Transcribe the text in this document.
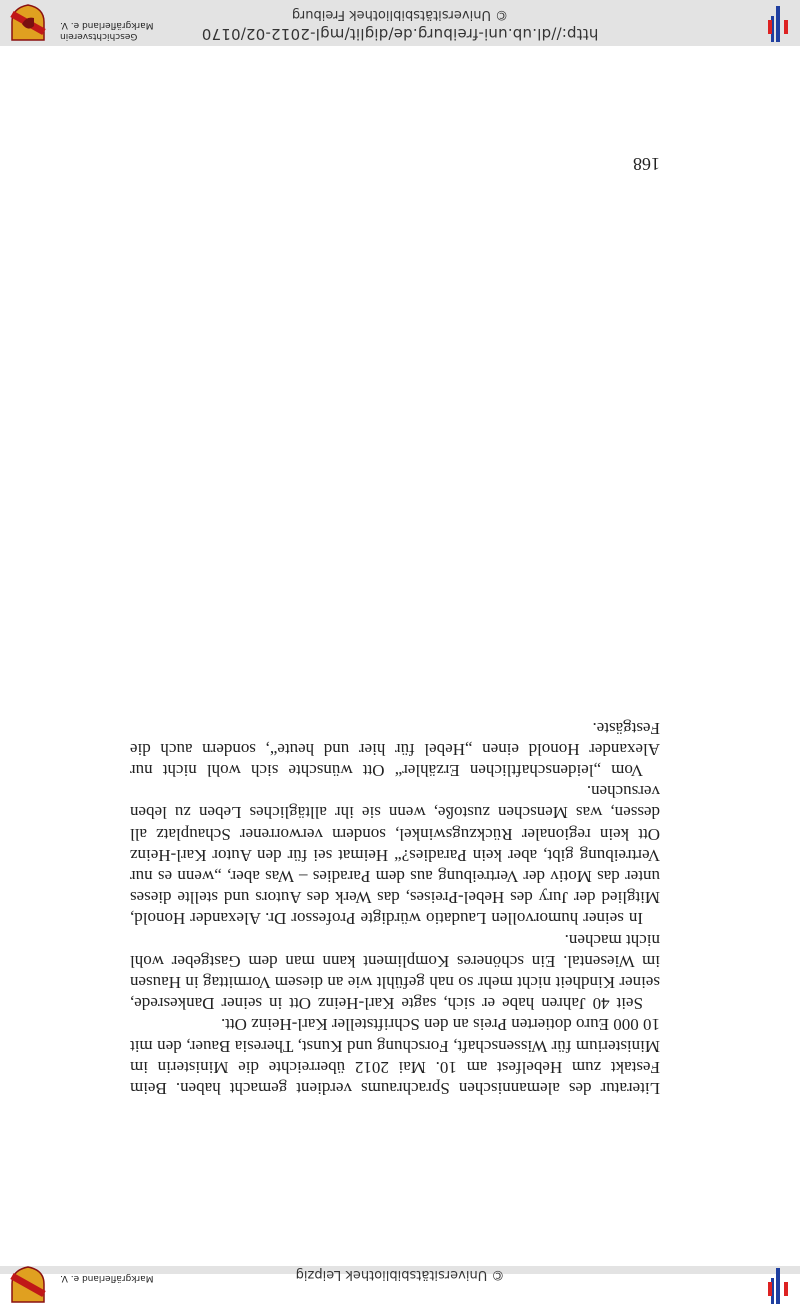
© Universitätsbibliothek Leipzig
Markgräflerland e. V.

Literatur des alemannischen Sprachraums verdient gemacht haben. Beim Festakt zum Hebelfest am 10. Mai 2012 überreichte die Ministerin im Ministerium für Wissenschaft, Forschung und Kunst, Theresia Bauer, den mit 10 000 Euro dotierten Preis an den Schriftsteller Karl-Heinz Ott.

Seit 40 Jahren habe er sich, sagte Karl-Heinz Ott in seiner Dankesrede, seiner Kindheit nicht mehr so nah gefühlt wie an diesem Vormittag in Hausen im Wiesental. Ein schöneres Kompliment kann man dem Gastgeber wohl nicht machen.

In seiner humorvollen Laudatio würdigte Professor Dr. Alexander Honold, Mitglied der Jury des Hebel-Preises, das Werk des Autors und stellte dieses unter das Motiv der Vertreibung aus dem Paradies – Was aber, „wenn es nur Vertreibung gibt, aber kein Paradies?“ Heimat sei für den Autor Karl-Heinz Ott kein regionaler Rückzugswinkel, sondern verworrener Schauplatz all dessen, was Menschen zustoße, wenn sie ihr alltägliches Leben zu leben versuchen.

Vom „leidenschaftlichen Erzähler“ Ott wünschte sich wohl nicht nur Alexander Honold einen „Hebel für hier und heute“, sondern auch die Festgäste.

168
http://dl.ub.uni-freiburg.de/diglit/mgl-2012-02/0170
© Universitätsbibliothek Freiburg
Geschichtsverein
Markgräflerland e. V.
